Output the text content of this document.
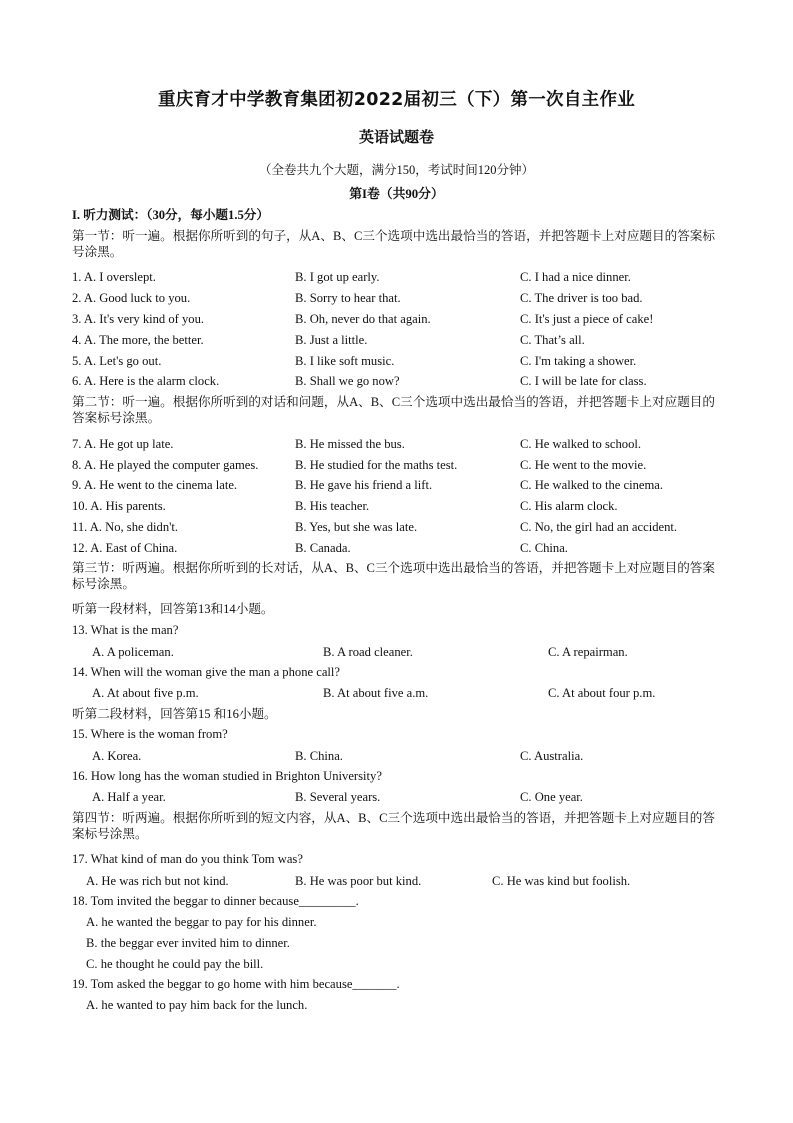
重庆育才中学教育集团初2022届初三（下）第一次自主作业
英语试题卷
（全卷共九个大题，满分150，考试时间120分钟）
第I卷（共90分）
I. 听力测试：（30分，每小题1.5分）
第一节：听一遍。根据你所听到的句子，从A、B、C三个选项中选出最恰当的答语，并把答题卡上对应题目的答案标号涂黑。
1. A. I overslept.	B. I got up early.	C. I had a nice dinner.
2. A. Good luck to you.	B. Sorry to hear that.	C. The driver is too bad.
3. A. It's very kind of you.	B. Oh, never do that again.	C. It's just a piece of cake!
4. A. The more, the better.	B. Just a little.	C. That’s all.
5. A. Let's go out.	B. I like soft music.	C. I'm taking a shower.
6. A. Here is the alarm clock.	B. Shall we go now?	C. I will be late for class.
第二节：听一遍。根据你所听到的对话和问题，从A、B、C三个选项中选出最恰当的答语，并把答题卡上对应题目的答案标号涂黑。
7. A. He got up late.	B. He missed the bus.	C. He walked to school.
8. A. He played the computer games.	B. He studied for the maths test.	C. He went to the movie.
9. A. He went to the cinema late.	B. He gave his friend a lift.	C. He walked to the cinema.
10. A. His parents.	B. His teacher.	C. His alarm clock.
11. A. No, she didn't.	B. Yes, but she was late.	C. No, the girl had an accident.
12. A. East of China.	B. Canada.	C. China.
第三节：听两遍。根据你所听到的长对话，从A、B、C三个选项中选出最恰当的答语，并把答题卡上对应题目的答案标号涂黑。
听第一段材料，回答第13和14小题。
13. What is the man?
A. A policeman.	B. A road cleaner.	C. A repairman.
14. When will the woman give the man a phone call?
A. At about five p.m.	B. At about five a.m.	C. At about four p.m.
听第二段材料，回答第15 和16小题。
15. Where is the woman from?
A. Korea.	B. China.	C. Australia.
16. How long has the woman studied in Brighton University?
A. Half a year.	B. Several years.	C. One year.
第四节：听两遍。根据你所听到的短文内容，从A、B、C三个选项中选出最恰当的答语，并把答题卡上对应题目的答案标号涂黑。
17. What kind of man do you think Tom was?
A. He was rich but not kind.	B. He was poor but kind.	C. He was kind but foolish.
18. Tom invited the beggar to dinner because_________.
A. he wanted the beggar to pay for his dinner.
B. the beggar ever invited him to dinner.
C. he thought he could pay the bill.
19. Tom asked the beggar to go home with him because_______.
A. he wanted to pay him back for the lunch.
